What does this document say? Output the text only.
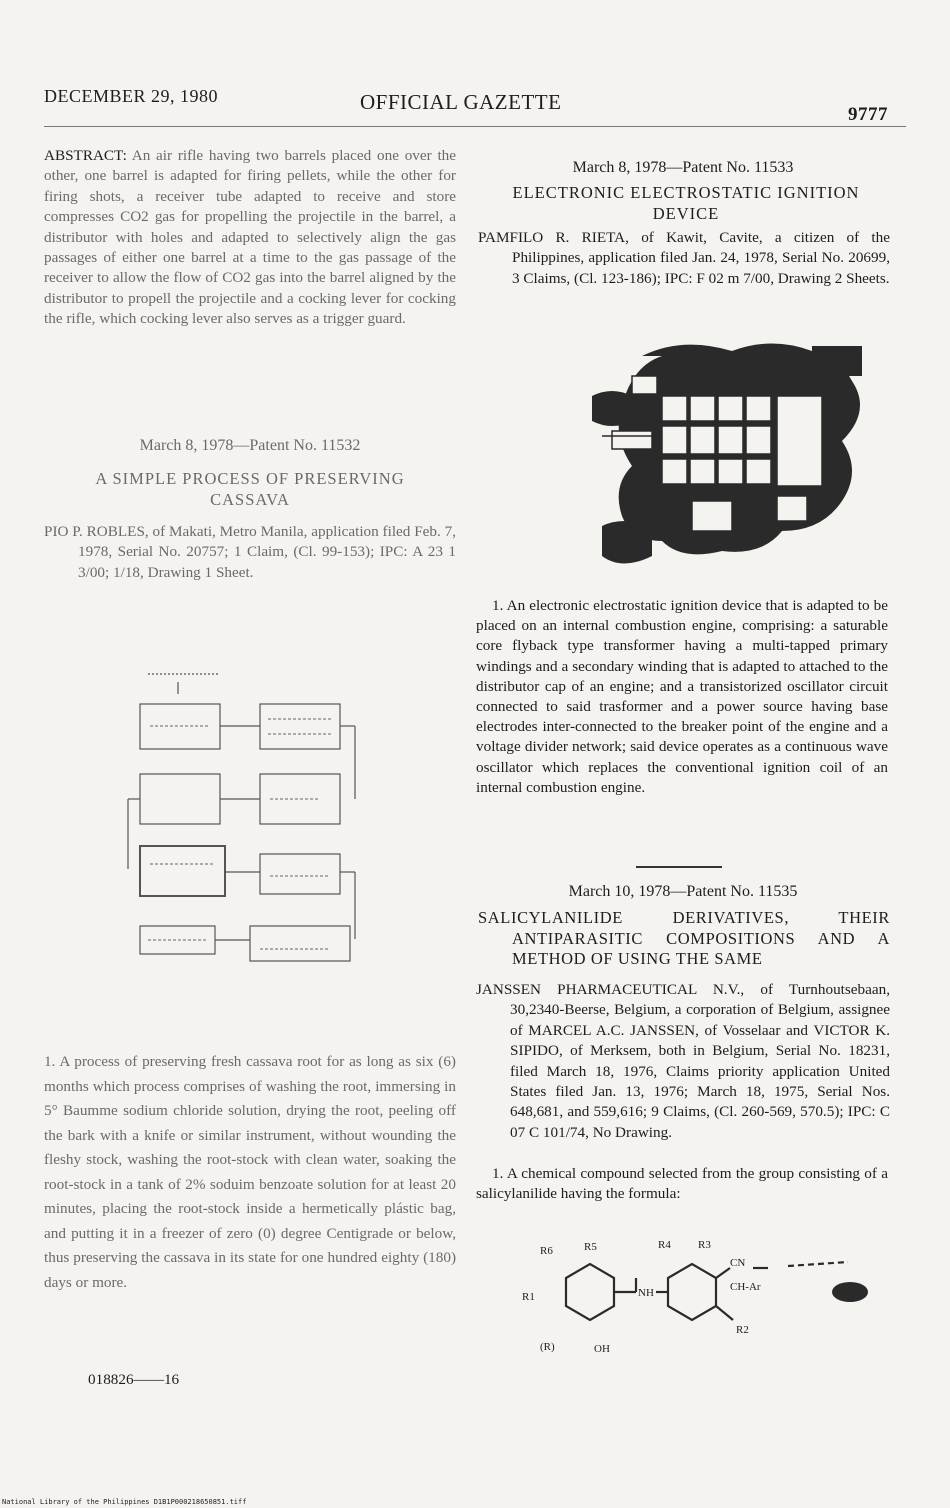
DECEMBER 29, 1980	OFFICIAL GAZETTE
9777

ABSTRACT: An air rifle having two barrels placed one over the other, one barrel is adapted for firing pellets, while the other for firing shots, a receiver tube adapted to receive and store compresses CO2 gas for propelling the projectile in the barrel, a distributor with holes and adapted to selectively align the gas passages of either one barrel at a time to the gas passage of the receiver to allow the flow of CO2 gas into the barrel aligned by the distributor to propell the projectile and a cocking lever for cocking the rifle, which cocking lever also serves as a trigger guard.

March 8, 1978—Patent No. 11532
A SIMPLE PROCESS OF PRESERVING CASSAVA

PIO P. ROBLES, of Makati, Metro Manila, application filed Feb. 7, 1978, Serial No. 20757; 1 Claim, (Cl. 99-153); IPC: A 23 1 3/00; 1/18, Drawing 1 Sheet.

1. A process of preserving fresh cassava root for as long as six (6) months which process comprises of washing the root, immersing in 5° Baumme sodium chloride solution, drying the root, peeling off the bark with a knife or similar instrument, without wounding the fleshy stock, washing the root-stock with clean water, soaking the root-stock in a tank of 2% soduim benzoate solution for at least 20 minutes, placing the root-stock inside a hermetically plástic bag, and putting it in a freezer of zero (0) degree Centigrade or below, thus preserving the cassava in its state for one hundred eighty (180) days or more.
018826——16
March 8, 1978—Patent No. 11533
ELECTRONIC ELECTROSTATIC IGNITION DEVICE

PAMFILO R. RIETA, of Kawit, Cavite, a citizen of the Philippines, application filed Jan. 24, 1978, Serial No. 20699, 3 Claims, (Cl. 123-186); IPC: F 02 m 7/00, Drawing 2 Sheets.

1. An electronic electrostatic ignition device that is adapted to be placed on an internal combustion engine, comprising: a saturable core flyback type transformer having a multi-tapped primary windings and a secondary winding that is adapted to attached to the distributor cap of an engine; and a transistorized oscillator circuit connected to said trasformer and a power source having base electrodes inter-connected to the breaker point of the engine and a voltage divider network; said device operates as a continuous wave oscillator which replaces the conventional ignition coil of an internal combustion engine.
March 10, 1978—Patent No. 11535

SALICYLANILIDE DERIVATIVES, THEIR ANTIPARASITIC COMPOSITIONS AND A METHOD OF USING THE SAME

JANSSEN PHARMACEUTICAL N.V., of Turnhoutsebaan, 30,2340-Beerse, Belgium, a corporation of Belgium, assignee of MARCEL A.C. JANSSEN, of Vosselaar and VICTOR K. SIPIDO, of Merksem, both in Belgium, Serial No. 18231, filed March 18, 1976, Claims priority application United States filed Jan. 13, 1976; March 18, 1975, Serial Nos. 648,681, and 559,616; 9 Claims, (Cl. 260-569, 570.5); IPC: C 07 C 101/74, No Drawing.

1. A chemical compound selected from the group consisting of a salicylanilide having the formula:
R6	R5	R4 R3
R2
R1
(R)	OH
NH
CN
CH-Ar
National Library of the Philippines D1B1P000218650851.tiff
